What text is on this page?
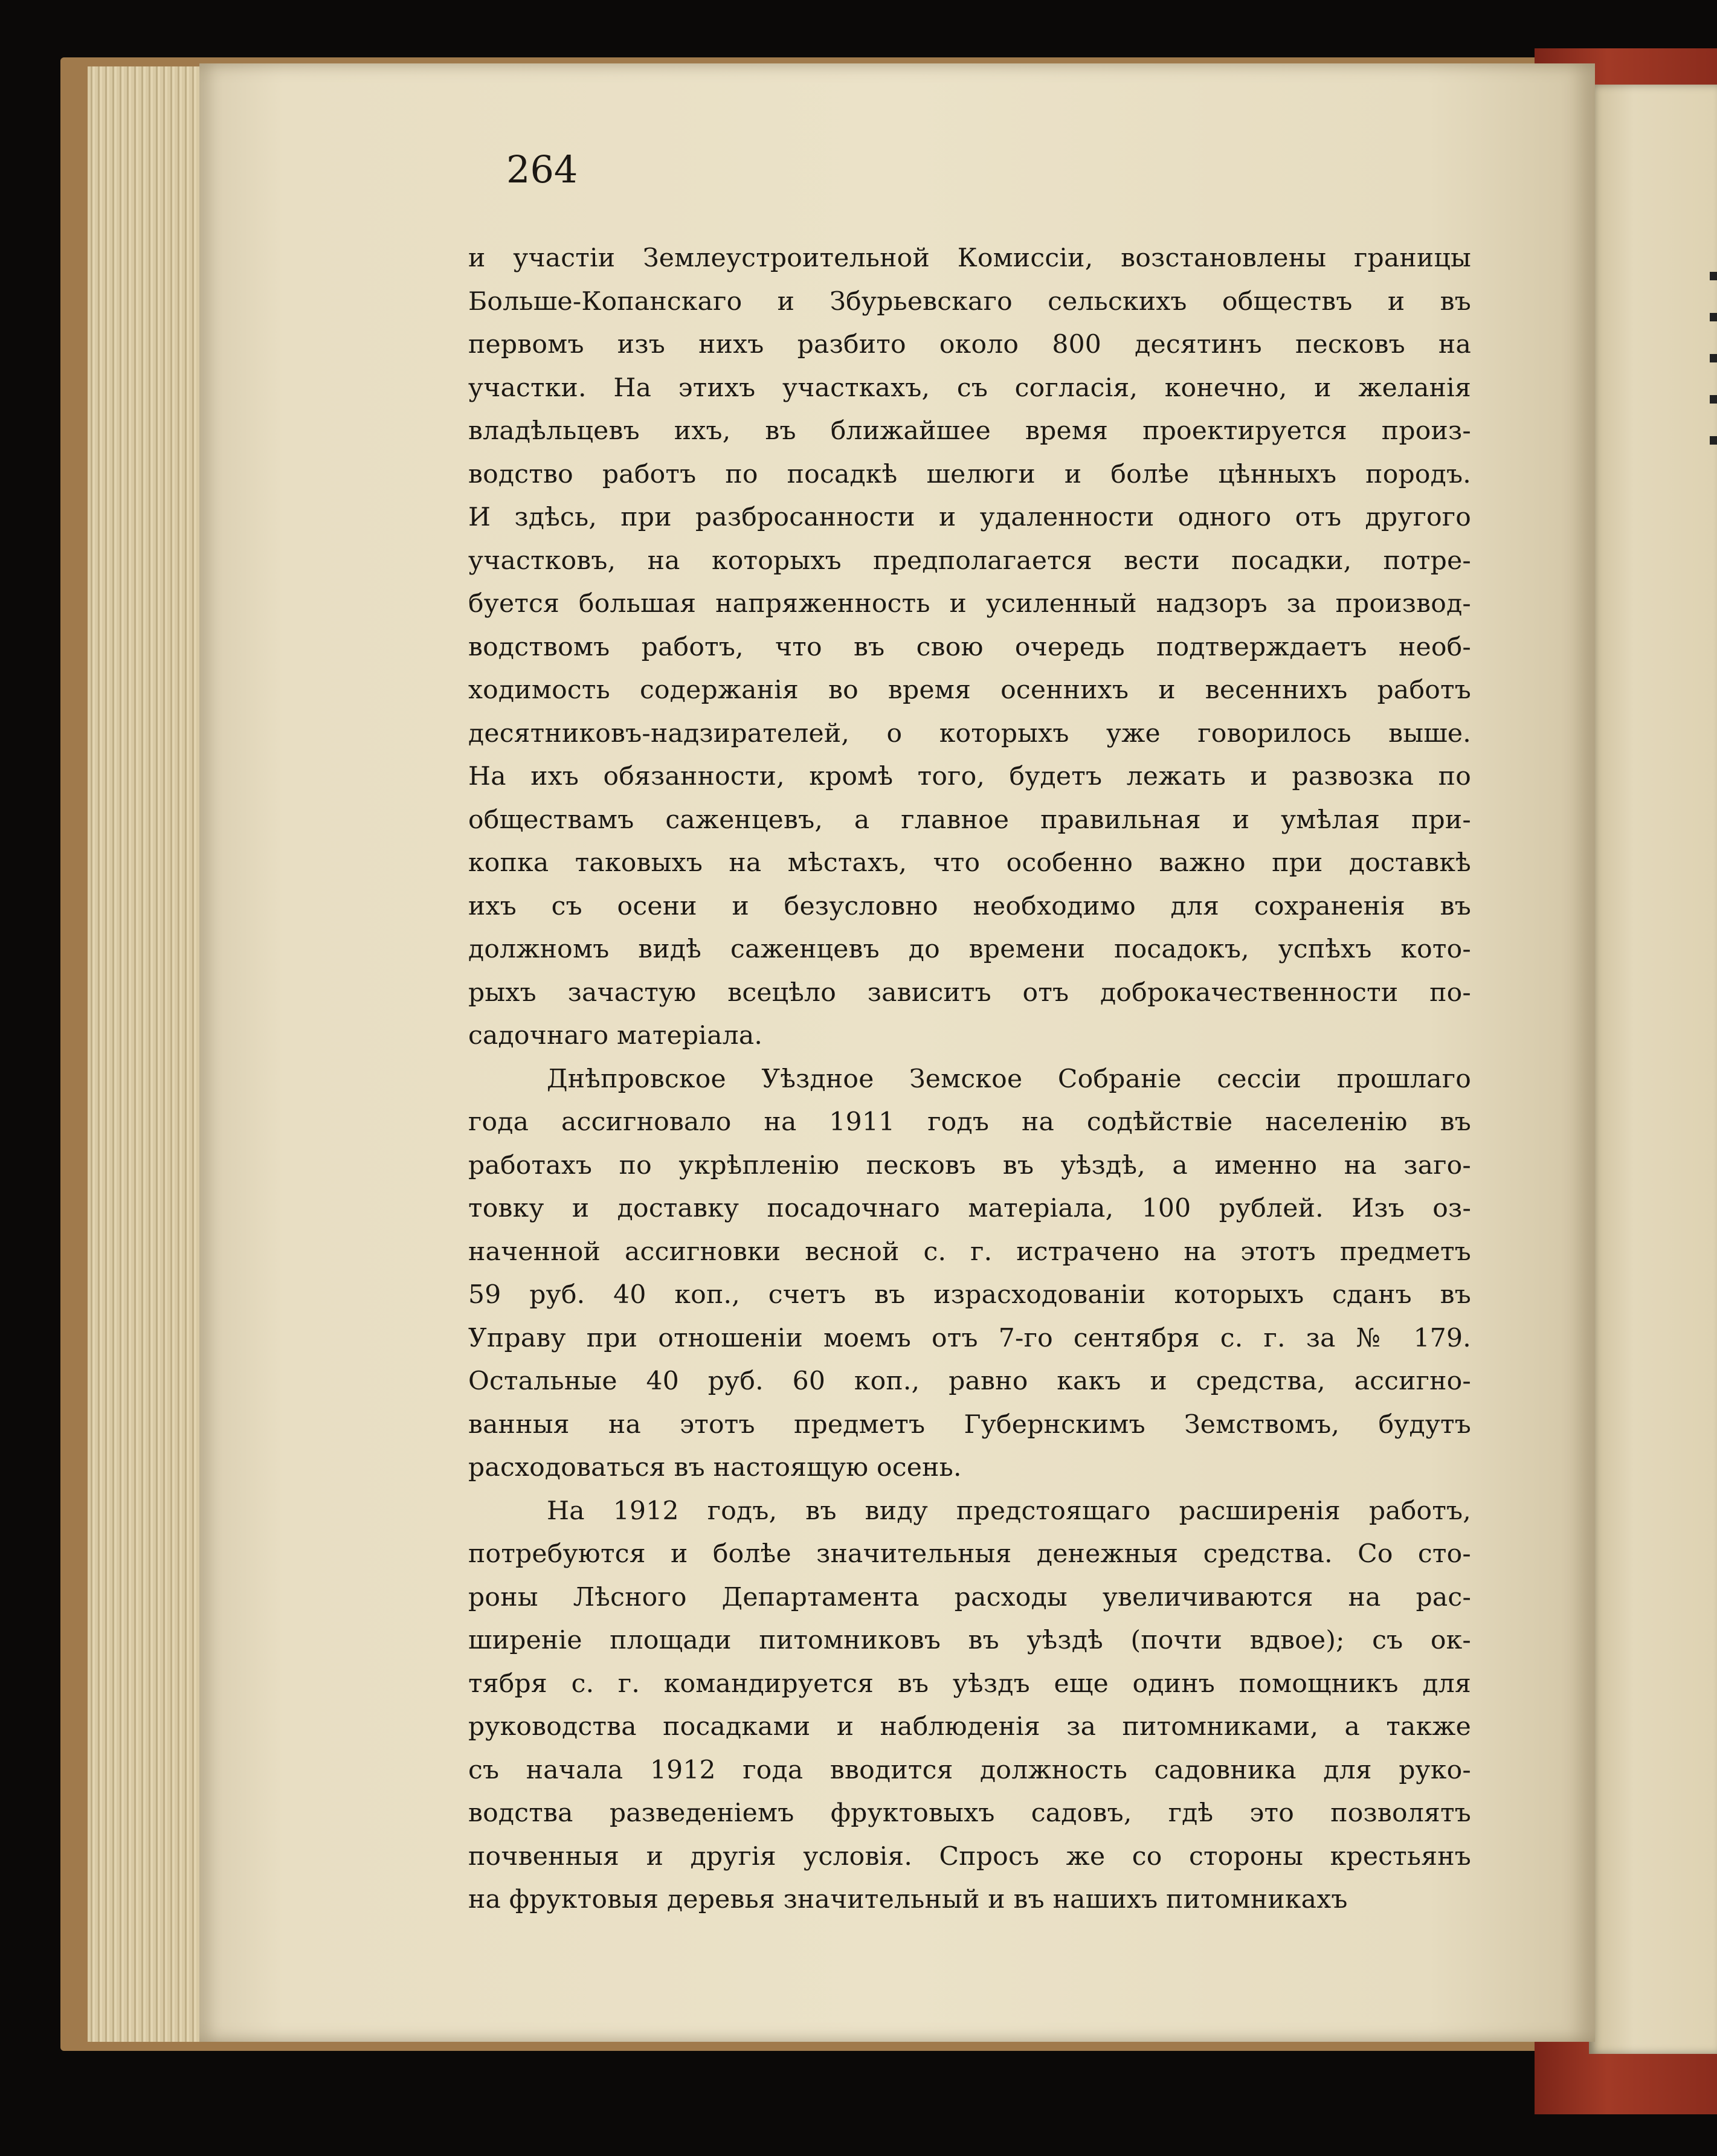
264

и участіи Землеустроительной Комиссіи, возстановлены границы
Больше-Копанскаго и Збурьевскаго сельскихъ обществъ и въ
первомъ изъ нихъ разбито около 800 десятинъ песковъ на
участки. На этихъ участкахъ, съ согласія, конечно, и желанія
владѣльцевъ ихъ, въ ближайшее время проектируется произ-
водство работъ по посадкѣ шелюги и болѣе цѣнныхъ породъ.
И здѣсь, при разбросанности и удаленности одного отъ другого
участковъ, на которыхъ предполагается вести посадки, потре-
буется большая напряженность и усиленный надзоръ за производ-
водствомъ работъ, что въ свою очередь подтверждаетъ необ-
ходимость содержанія во время осеннихъ и весеннихъ работъ
десятниковъ-надзирателей, о которыхъ уже говорилось выше.
На ихъ обязанности, кромѣ того, будетъ лежать и развозка по
обществамъ саженцевъ, а главное правильная и умѣлая при-
копка таковыхъ на мѣстахъ, что особенно важно при доставкѣ
ихъ съ осени и безусловно необходимо для сохраненія въ
должномъ видѣ саженцевъ до времени посадокъ, успѣхъ кото-
рыхъ зачастую всецѣло зависитъ отъ доброкачественности по-
садочнаго матеріала.
Днѣпровское Уѣздное Земское Собраніе сессіи прошлаго
года ассигновало на 1911 годъ на содѣйствіе населенію въ
работахъ по укрѣпленію песковъ въ уѣздѣ, а именно на заго-
товку и доставку посадочнаго матеріала, 100 рублей. Изъ оз-
наченной ассигновки весной с. г. истрачено на этотъ предметъ
59 руб. 40 коп., счетъ въ израсходованіи которыхъ сданъ въ
Управу при отношеніи моемъ отъ 7-го сентября с. г. за № 179.
Остальные 40 руб. 60 коп., равно какъ и средства, ассигно-
ванныя на этотъ предметъ Губернскимъ Земствомъ, будутъ
расходоваться въ настоящую осень.
На 1912 годъ, въ виду предстоящаго расширенія работъ,
потребуются и болѣе значительныя денежныя средства. Со сто-
роны Лѣсного Департамента расходы увеличиваются на рас-
ширеніе площади питомниковъ въ уѣздѣ (почти вдвое); съ ок-
тября с. г. командируется въ уѣздъ еще одинъ помощникъ для
руководства посадками и наблюденія за питомниками, а также
съ начала 1912 года вводится должность садовника для руко-
водства разведеніемъ фруктовыхъ садовъ, гдѣ это позволятъ
почвенныя и другія условія. Спросъ же со стороны крестьянъ
на фруктовыя деревья значительный и въ нашихъ питомникахъ
